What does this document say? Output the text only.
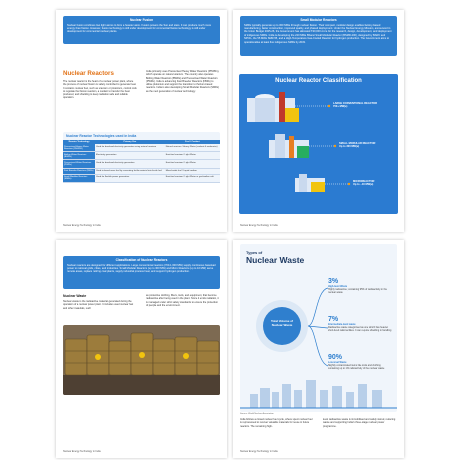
Nuclear Fusion
Nuclear fusion combines two light atoms to form a heavier atom. Fusion powers the Sun and stars. It can produce much more energy than fission. However, fusion technology is still under development for commercial fission technology is still under development for commercial nuclear plants.
Nuclear Reactors
The nuclear reactor is the heart of a nuclear power plant, where the process of nuclear fission is safely controlled to generate heat. It contains nuclear fuel, such as uranium or plutonium, control rods to regulate the fission reaction, a coolant to transfer the heat produced, and shielding to keep radiation safe and reliable operation.
India primarily uses Pressurised Heavy Water Reactors (PHWRs), which operate on natural uranium. The country also operates Boiling Water Reactors (BWRs) and Pressurised Water Reactors (PWRs). India is advancing Fast Breeder Reactors (FBRs) to utilise plutonium and support the transition to thorium-based reactors. India is also developing Small Modular Reactors (SMRs) as the next generation of nuclear technology.
Nuclear Reactor Technologies used in India
Reactor Technology	Primary Use	Fuel / Coolant
Pressurised Heavy Water Reactors (PHWRs)	Used for baseload electricity generation using natural uranium	Natural uranium / Heavy Water (coolant & moderator)
Boiling Water Reactors (BWRs)	Electricity generation	Enriched uranium / Light Water
Pressurised Water Reactors (PWRs)	Used for baseload electricity generation	Enriched uranium / Light Water
Fast Breeder Reactors (FBRs)	Used to breed more fuel by converting fertile material into fissile fuel	Mixed oxide fuel / Liquid sodium
Small Modular Reactors (SMRs)	Used for flexible power generation	Enriched uranium / Light Water or gas/molten salt
Nuclear Energy Technology in India
Small Modular Reactors
SMRs typically generate up to 300 MWe through nuclear fission. Their compact, modular design enables factory-based manufacturing, faster construction, improved quality, and phased deployment. Under the Nuclear Energy Mission, announced in the Union Budget 2025-26, the Government has allocated ₹20,000 crore for the research, design, development, and deployment of indigenous SMRs. India is developing the 220 MWe Bharat Small Modular Reactor (BSMR-200), designed by BARC and NPCIL, the 55 MWe SMR-55, and a High-Temperature Gas-Cooled Reactor for hydrogen production. The Government aims to operationalise at least five indigenous SMRs by 2033.
Nuclear Reactor Classification
LARGE CONVENTIONAL REACTOR
700+ MW(e)
SMALL MODULAR REACTOR
Up to 300 MW(e)
MICROREACTOR
Up to ~10 MW(e)
Nuclear Energy Technology in India
Classification of Nuclear Reactors
Nuclear reactors are designed for different applications. Large conventional reactors (700-1,600 MW) supply continuous baseload power to national grids, cities, and industries. Small Modular Reactors (up to 300 MW) and Micro Reactors (up to 10 MW) serve remote areas, replace retiring coal plants, supply industrial process heat, and support hydrogen production.
Nuclear Waste
Nuclear waste is the radioactive material generated during the operation of a nuclear power plant. It includes used nuclear fuel and other materials, such
as protective clothing, filters, tools, and equipment, that become radioactive after being used in the plant. Since it emits radiation, it is managed under strict safety standards to ensure the protection of people and the environment.
Nuclear Energy Technology in India
Types of
Nuclear Waste
Total Volume of Nuclear Waste
3%
High-level Waste
Highly radioactive; containing 95% of radioactivity in the nuclear waste
7%
Intermediate-level waste
Radioactive waste categorised as one which has heavier short-lived radionuclides. It can require shielding in handling
90%
Low-level Waste
Slightly contaminated items like tools and clothing containing up to 1% radioactivity of the nuclear waste
Source: World Nuclear Association
India follows a closed nuclear fuel cycle, where spent nuclear fuel is reprocessed to recover valuable materials for reuse in future reactors. The remaining high-
level radioactive waste is immobilised and safely stored, reducing waste and supporting India's three-stage nuclear power programme.
Nuclear Energy Technology in India
